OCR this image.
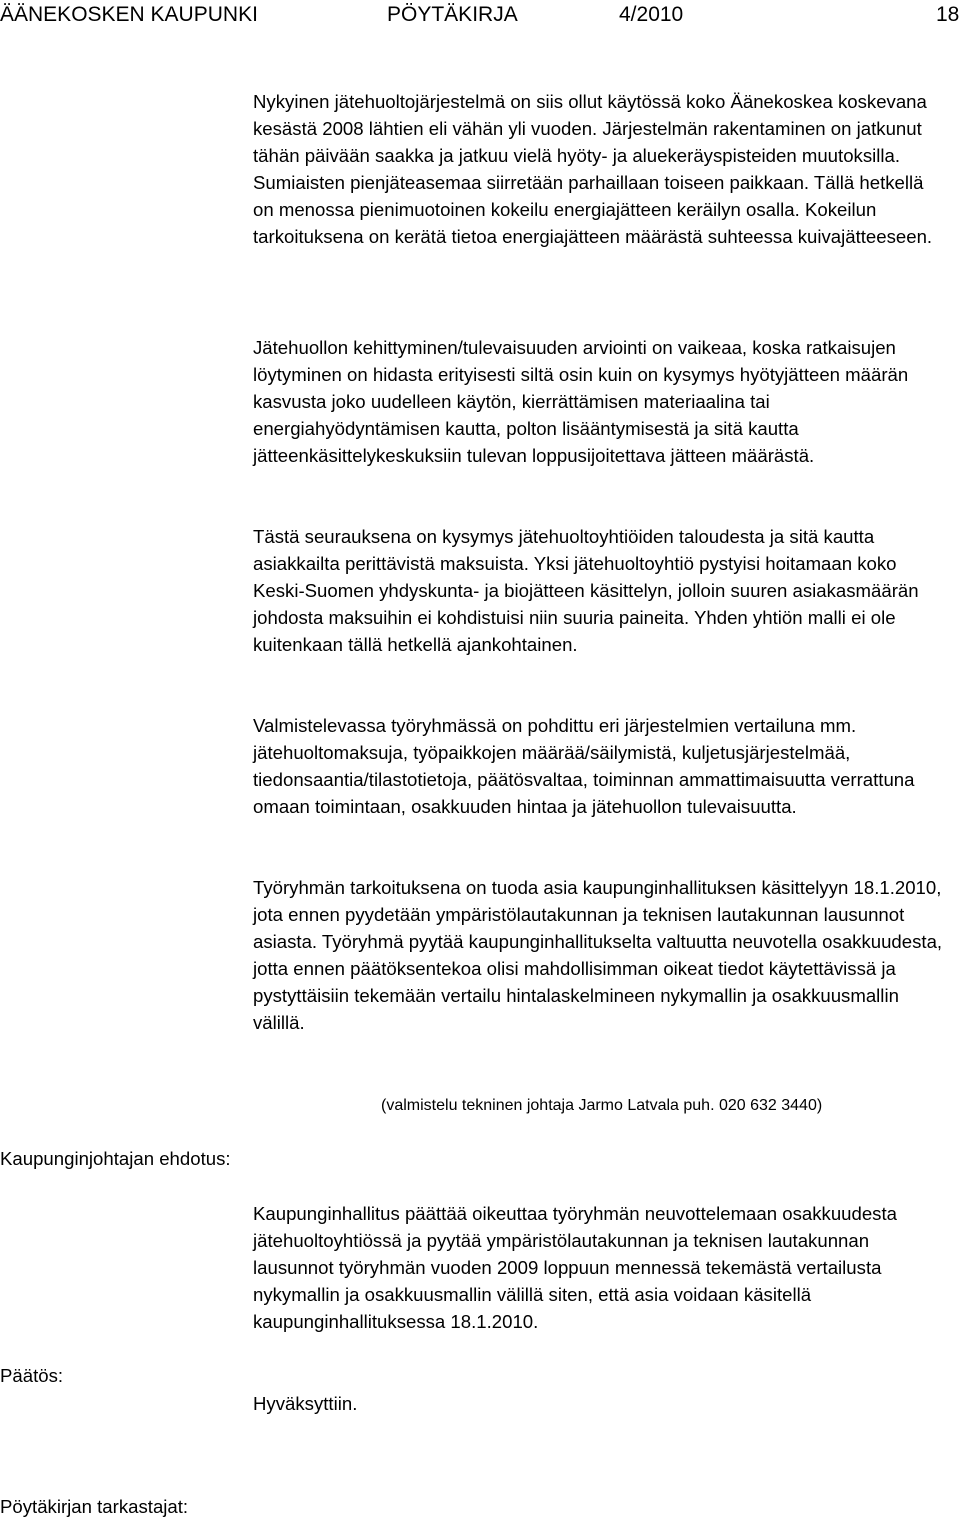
ÄÄNEKOSKEN KAUPUNKI	PÖYTÄKIRJA	4/2010	18

Nykyinen jätehuoltojärjestelmä on siis ollut käytössä koko Äänekoskea koskevana kesästä 2008 lähtien eli vähän yli vuoden. Järjestelmän rakentaminen on jatkunut tähän päivään saakka ja jatkuu vielä hyöty- ja aluekeräyspisteiden muutoksilla. Sumiaisten pienjäteasemaa siirretään parhaillaan toiseen paikkaan. Tällä hetkellä on menossa pienimuotoinen kokeilu energiajätteen keräilyn osalla. Kokeilun tarkoituksena on kerätä tietoa energiajätteen määrästä suhteessa kuivajätteeseen.

Jätehuollon kehittyminen/tulevaisuuden arviointi on vaikeaa, koska ratkaisujen löytyminen on hidasta erityisesti siltä osin kuin on kysymys hyötyjätteen määrän kasvusta joko uudelleen käytön, kierrättämisen materiaalina tai energiahyödyntämisen kautta, polton lisääntymisestä ja sitä kautta jätteenkäsittelykeskuksiin tulevan loppusijoitettava jätteen määrästä.

Tästä seurauksena on kysymys jätehuoltoyhtiöiden taloudesta ja sitä kautta asiakkailta perittävistä maksuista. Yksi jätehuoltoyhtiö pystyisi hoitamaan koko Keski-Suomen yhdyskunta- ja biojätteen käsittelyn, jolloin suuren asiakasmäärän johdosta maksuihin ei kohdistuisi niin suuria paineita. Yhden yhtiön malli ei ole kuitenkaan tällä hetkellä ajankohtainen.

Valmistelevassa työryhmässä on pohdittu eri järjestelmien vertailuna mm. jätehuoltomaksuja, työpaikkojen määrää/säilymistä, kuljetusjärjestelmää, tiedonsaantia/tilastotietoja, päätösvaltaa, toiminnan ammattimaisuutta verrattuna omaan toimintaan, osakkuuden hintaa ja jätehuollon tulevaisuutta.

Työryhmän tarkoituksena on tuoda asia kaupunginhallituksen käsittelyyn 18.1.2010, jota ennen pyydetään ympäristölautakunnan ja teknisen lautakunnan lausunnot asiasta. Työryhmä pyytää kaupunginhallitukselta valtuutta neuvotella osakkuudesta, jotta ennen päätöksentekoa olisi mahdollisimman oikeat tiedot käytettävissä ja pystyttäisiin tekemään vertailu hintalaskelmineen nykymallin ja osakkuusmallin välillä.

(valmistelu tekninen johtaja Jarmo Latvala puh. 020 632 3440)
Kaupunginjohtajan ehdotus:

Kaupunginhallitus päättää oikeuttaa työryhmän neuvottelemaan osakkuudesta jätehuoltoyhtiössä ja pyytää ympäristölautakunnan ja teknisen lautakunnan lausunnot työryhmän vuoden 2009 loppuun mennessä tekemästä vertailusta nykymallin ja osakkuusmallin välillä siten, että asia voidaan käsitellä kaupunginhallituksessa 18.1.2010.

Päätös:

Hyväksyttiin.

Pöytäkirjan tarkastajat:
